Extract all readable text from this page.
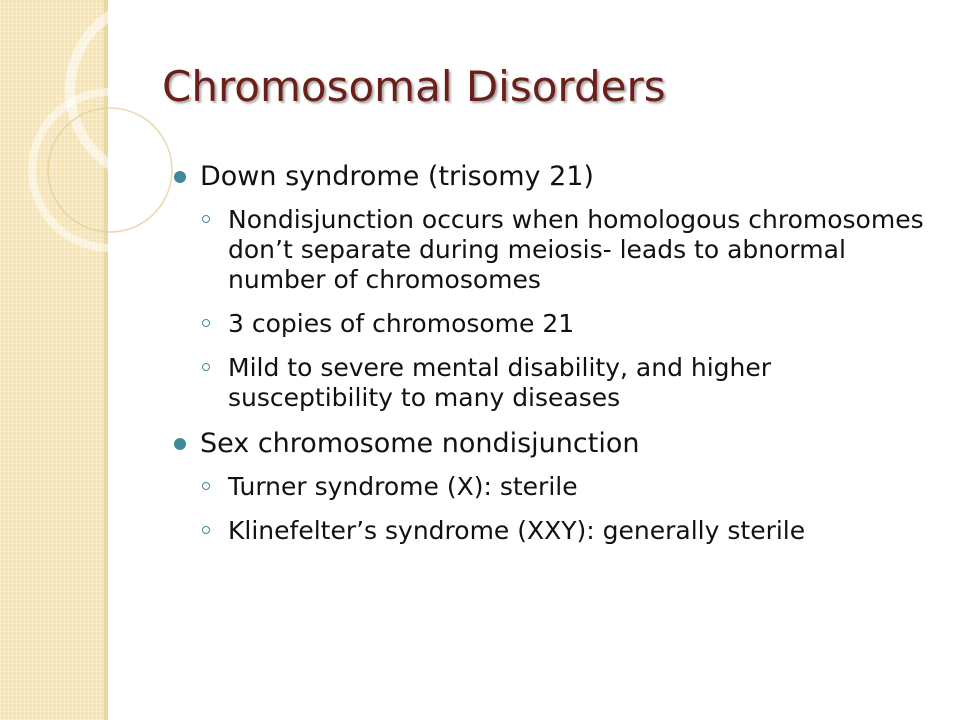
Chromosomal Disorders
Down syndrome (trisomy 21)
Nondisjunction occurs when homologous chromosomes don’t separate during meiosis- leads to abnormal number of chromosomes
3 copies of chromosome 21
Mild to severe mental disability, and higher susceptibility to many diseases
Sex chromosome nondisjunction
Turner syndrome (X): sterile
Klinefelter’s syndrome (XXY): generally sterile
